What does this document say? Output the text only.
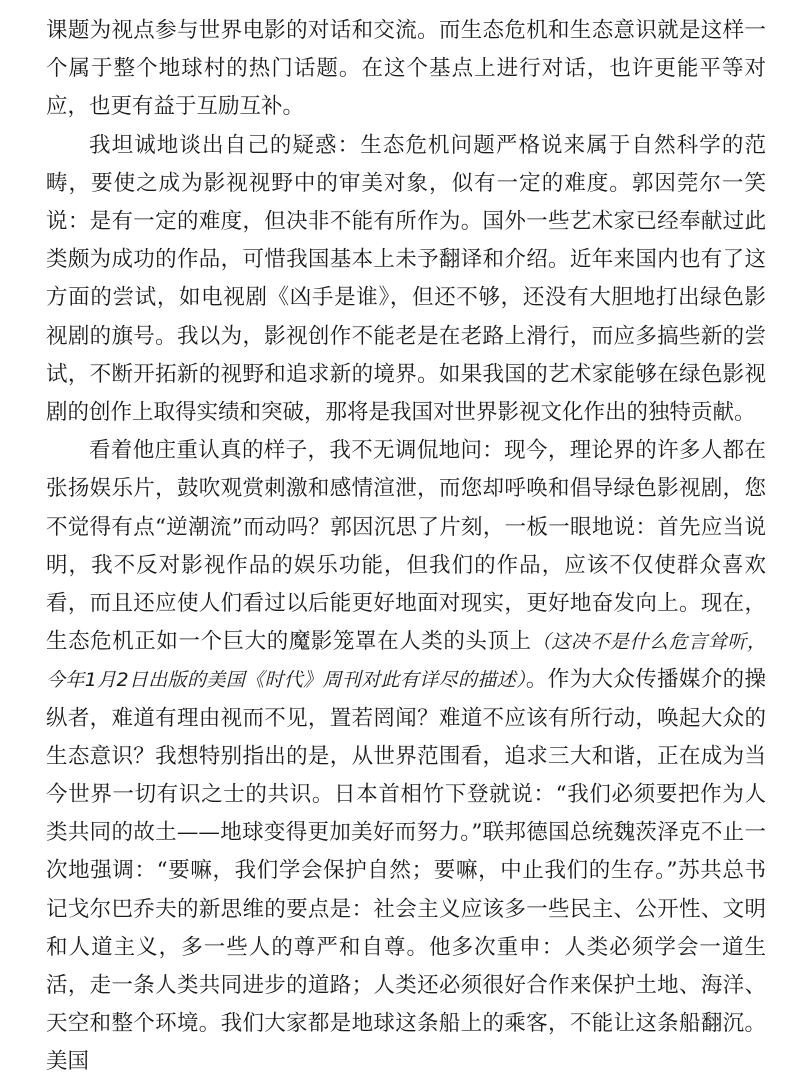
课题为视点参与世界电影的对话和交流。而生态危机和生态意识就是这样一个属于整个地球村的热门话题。在这个基点上进行对话，也许更能平等对应，也更有益于互励互补。

我坦诚地谈出自己的疑惑：生态危机问题严格说来属于自然科学的范畴，要使之成为影视视野中的审美对象，似有一定的难度。郭因莞尔一笑说：是有一定的难度，但决非不能有所作为。国外一些艺术家已经奉献过此类颇为成功的作品，可惜我国基本上未予翻译和介绍。近年来国内也有了这方面的尝试，如电视剧《凶手是谁》，但还不够，还没有大胆地打出绿色影视剧的旗号。我以为，影视创作不能老是在老路上滑行，而应多搞些新的尝试，不断开拓新的视野和追求新的境界。如果我国的艺术家能够在绿色影视剧的创作上取得实绩和突破，那将是我国对世界影视文化作出的独特贡献。

看着他庄重认真的样子，我不无调侃地问：现今，理论界的许多人都在张扬娱乐片，鼓吹观赏刺激和感情渲泄，而您却呼唤和倡导绿色影视剧，您不觉得有点“逆潮流”而动吗？郭因沉思了片刻，一板一眼地说：首先应当说明，我不反对影视作品的娱乐功能，但我们的作品，应该不仅使群众喜欢看，而且还应使人们看过以后能更好地面对现实，更好地奋发向上。现在，生态危机正如一个巨大的魔影笼罩在人类的头顶上（这决不是什么危言耸听，今年1月2日出版的美国《时代》周刊对此有详尽的描述）。作为大众传播媒介的操纵者，难道有理由视而不见，置若罔闻？难道不应该有所行动，唤起大众的生态意识？我想特别指出的是，从世界范围看，追求三大和谐，正在成为当今世界一切有识之士的共识。日本首相竹下登就说：“我们必须要把作为人类共同的故土——地球变得更加美好而努力。”联邦德国总统魏茨泽克不止一次地强调：“要嘛，我们学会保护自然；要嘛，中止我们的生存。”苏共总书记戈尔巴乔夫的新思维的要点是：社会主义应该多一些民主、公开性、文明和人道主义，多一些人的尊严和自尊。他多次重申：人类必须学会一道生活，走一条人类共同进步的道路；人类还必须很好合作来保护土地、海洋、天空和整个环境。我们大家都是地球这条船上的乘客，不能让这条船翻沉。美国
